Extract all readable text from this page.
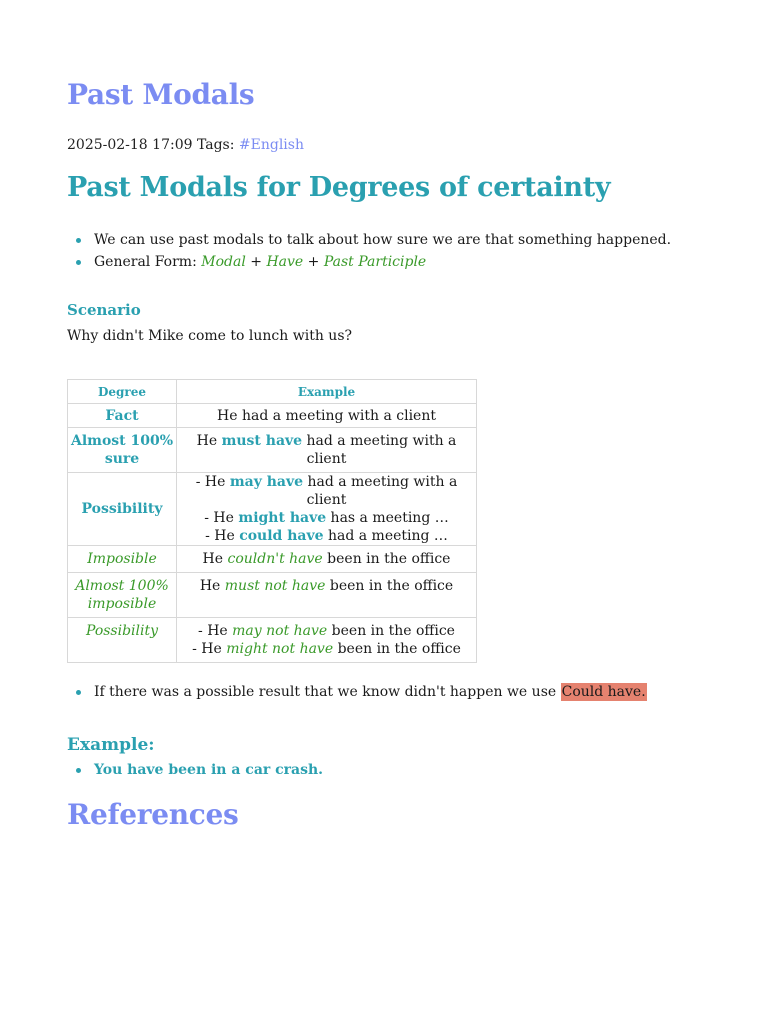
Past Modals
2025-02-18 17:09 Tags: #English
Past Modals for Degrees of certainty
We can use past modals to talk about how sure we are that something happened.
General Form: Modal + Have + Past Participle
Scenario
Why didn't Mike come to lunch with us?
Degree	Example
Fact	He had a meeting with a client

Almost 100% sure	He must have had a meeting with a client

Possibility	- He may have had a meeting with a client
- He might have has a meeting …
- He could have had a meeting …

Imposible	He couldn't have been in the office

Almost 100% imposible	He must not have been in the office

Possibility	- He may not have been in the office
- He might not have been in the office
If there was a possible result that we know didn't happen we use Could have.
Example:
You have been in a car crash.
References
